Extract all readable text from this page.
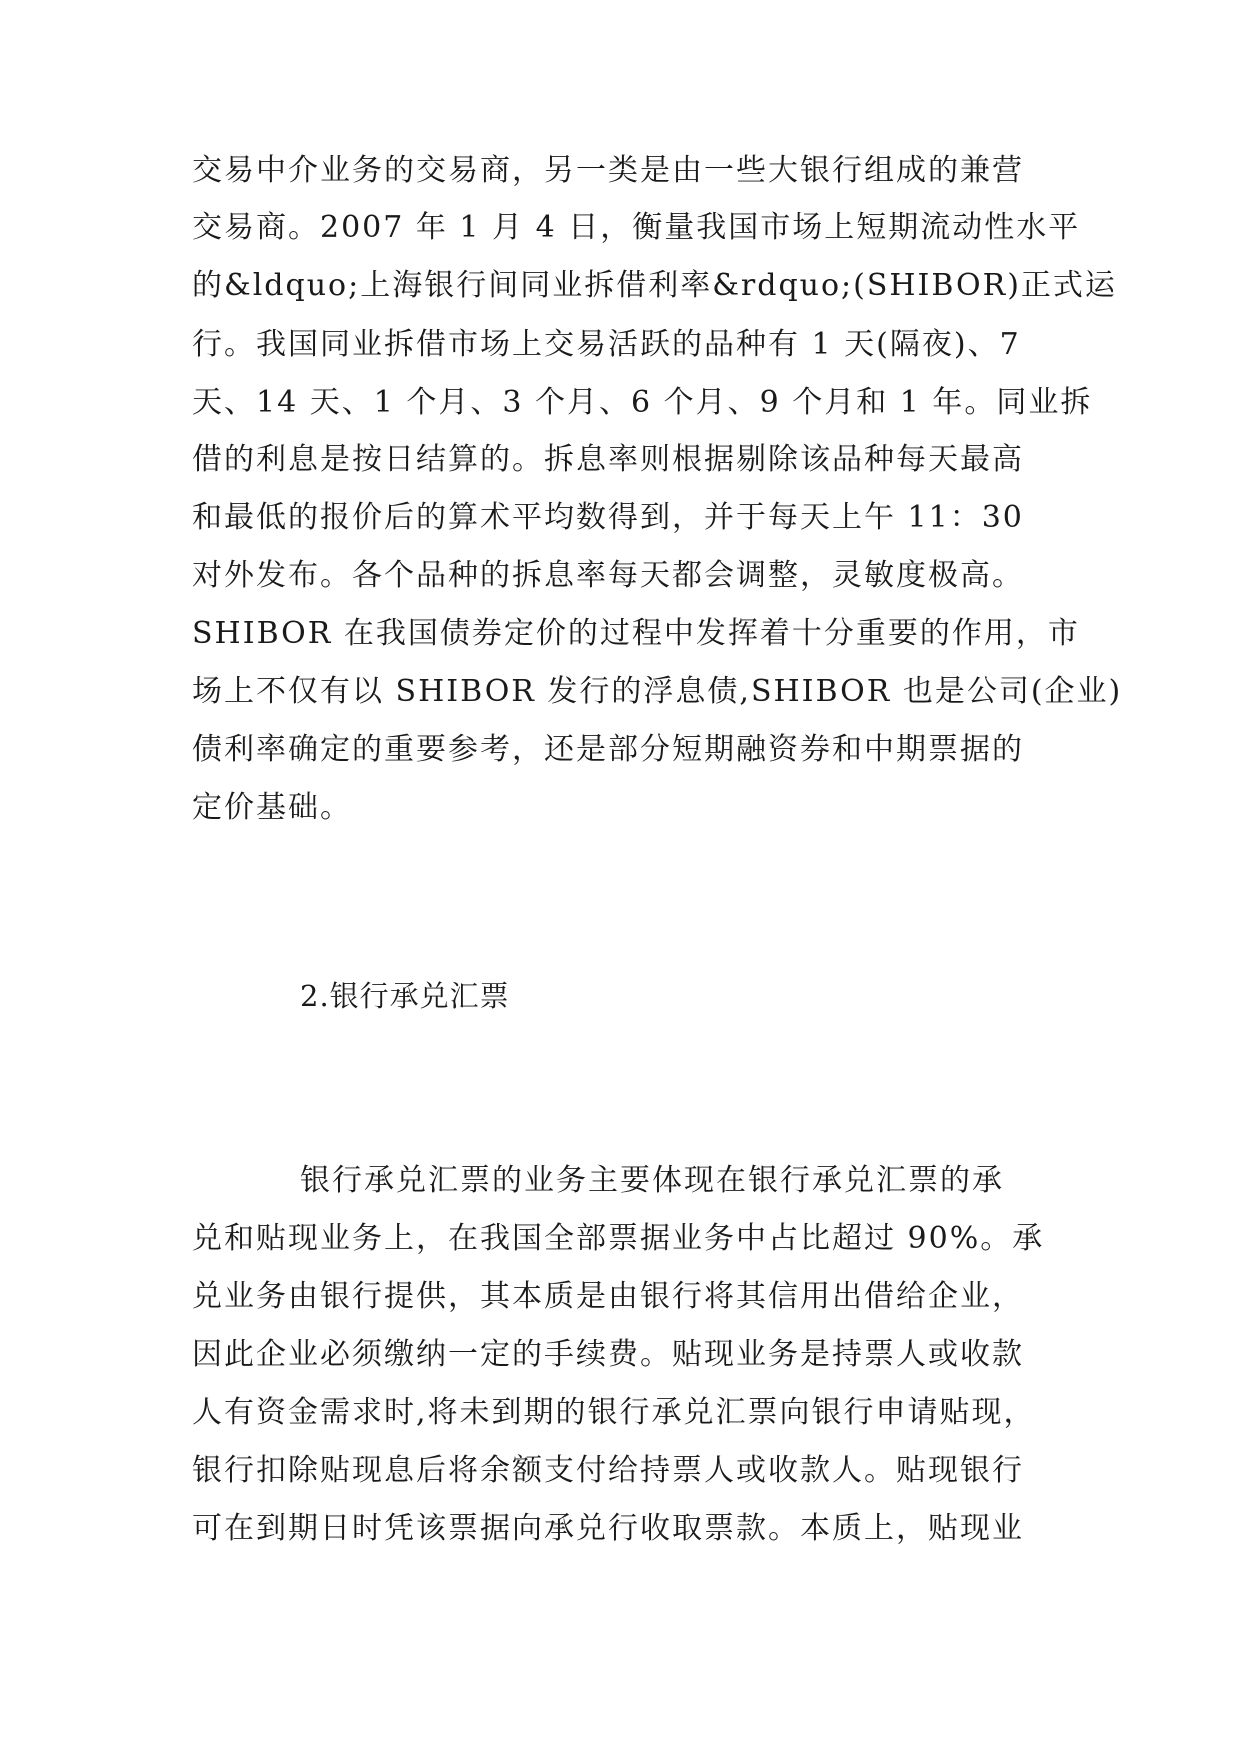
交易中介业务的交易商，另一类是由一些大银行组成的兼营
交易商。2007 年 1 月 4 日，衡量我国市场上短期流动性水平
的&ldquo;上海银行间同业拆借利率&rdquo;(SHIBOR)正式运
行。我国同业拆借市场上交易活跃的品种有 1 天(隔夜)、7
天、14 天、1 个月、3 个月、6 个月、9 个月和 1 年。同业拆
借的利息是按日结算的。拆息率则根据剔除该品种每天最高
和最低的报价后的算术平均数得到，并于每天上午 11：30
对外发布。各个品种的拆息率每天都会调整，灵敏度极高。
SHIBOR 在我国债券定价的过程中发挥着十分重要的作用，市
场上不仅有以 SHIBOR 发行的浮息债,SHIBOR 也是公司(企业)
债利率确定的重要参考，还是部分短期融资券和中期票据的
定价基础。
2.银行承兑汇票
银行承兑汇票的业务主要体现在银行承兑汇票的承
兑和贴现业务上，在我国全部票据业务中占比超过 90%。承
兑业务由银行提供，其本质是由银行将其信用出借给企业，
因此企业必须缴纳一定的手续费。贴现业务是持票人或收款
人有资金需求时,将未到期的银行承兑汇票向银行申请贴现，
银行扣除贴现息后将余额支付给持票人或收款人。贴现银行
可在到期日时凭该票据向承兑行收取票款。本质上，贴现业
